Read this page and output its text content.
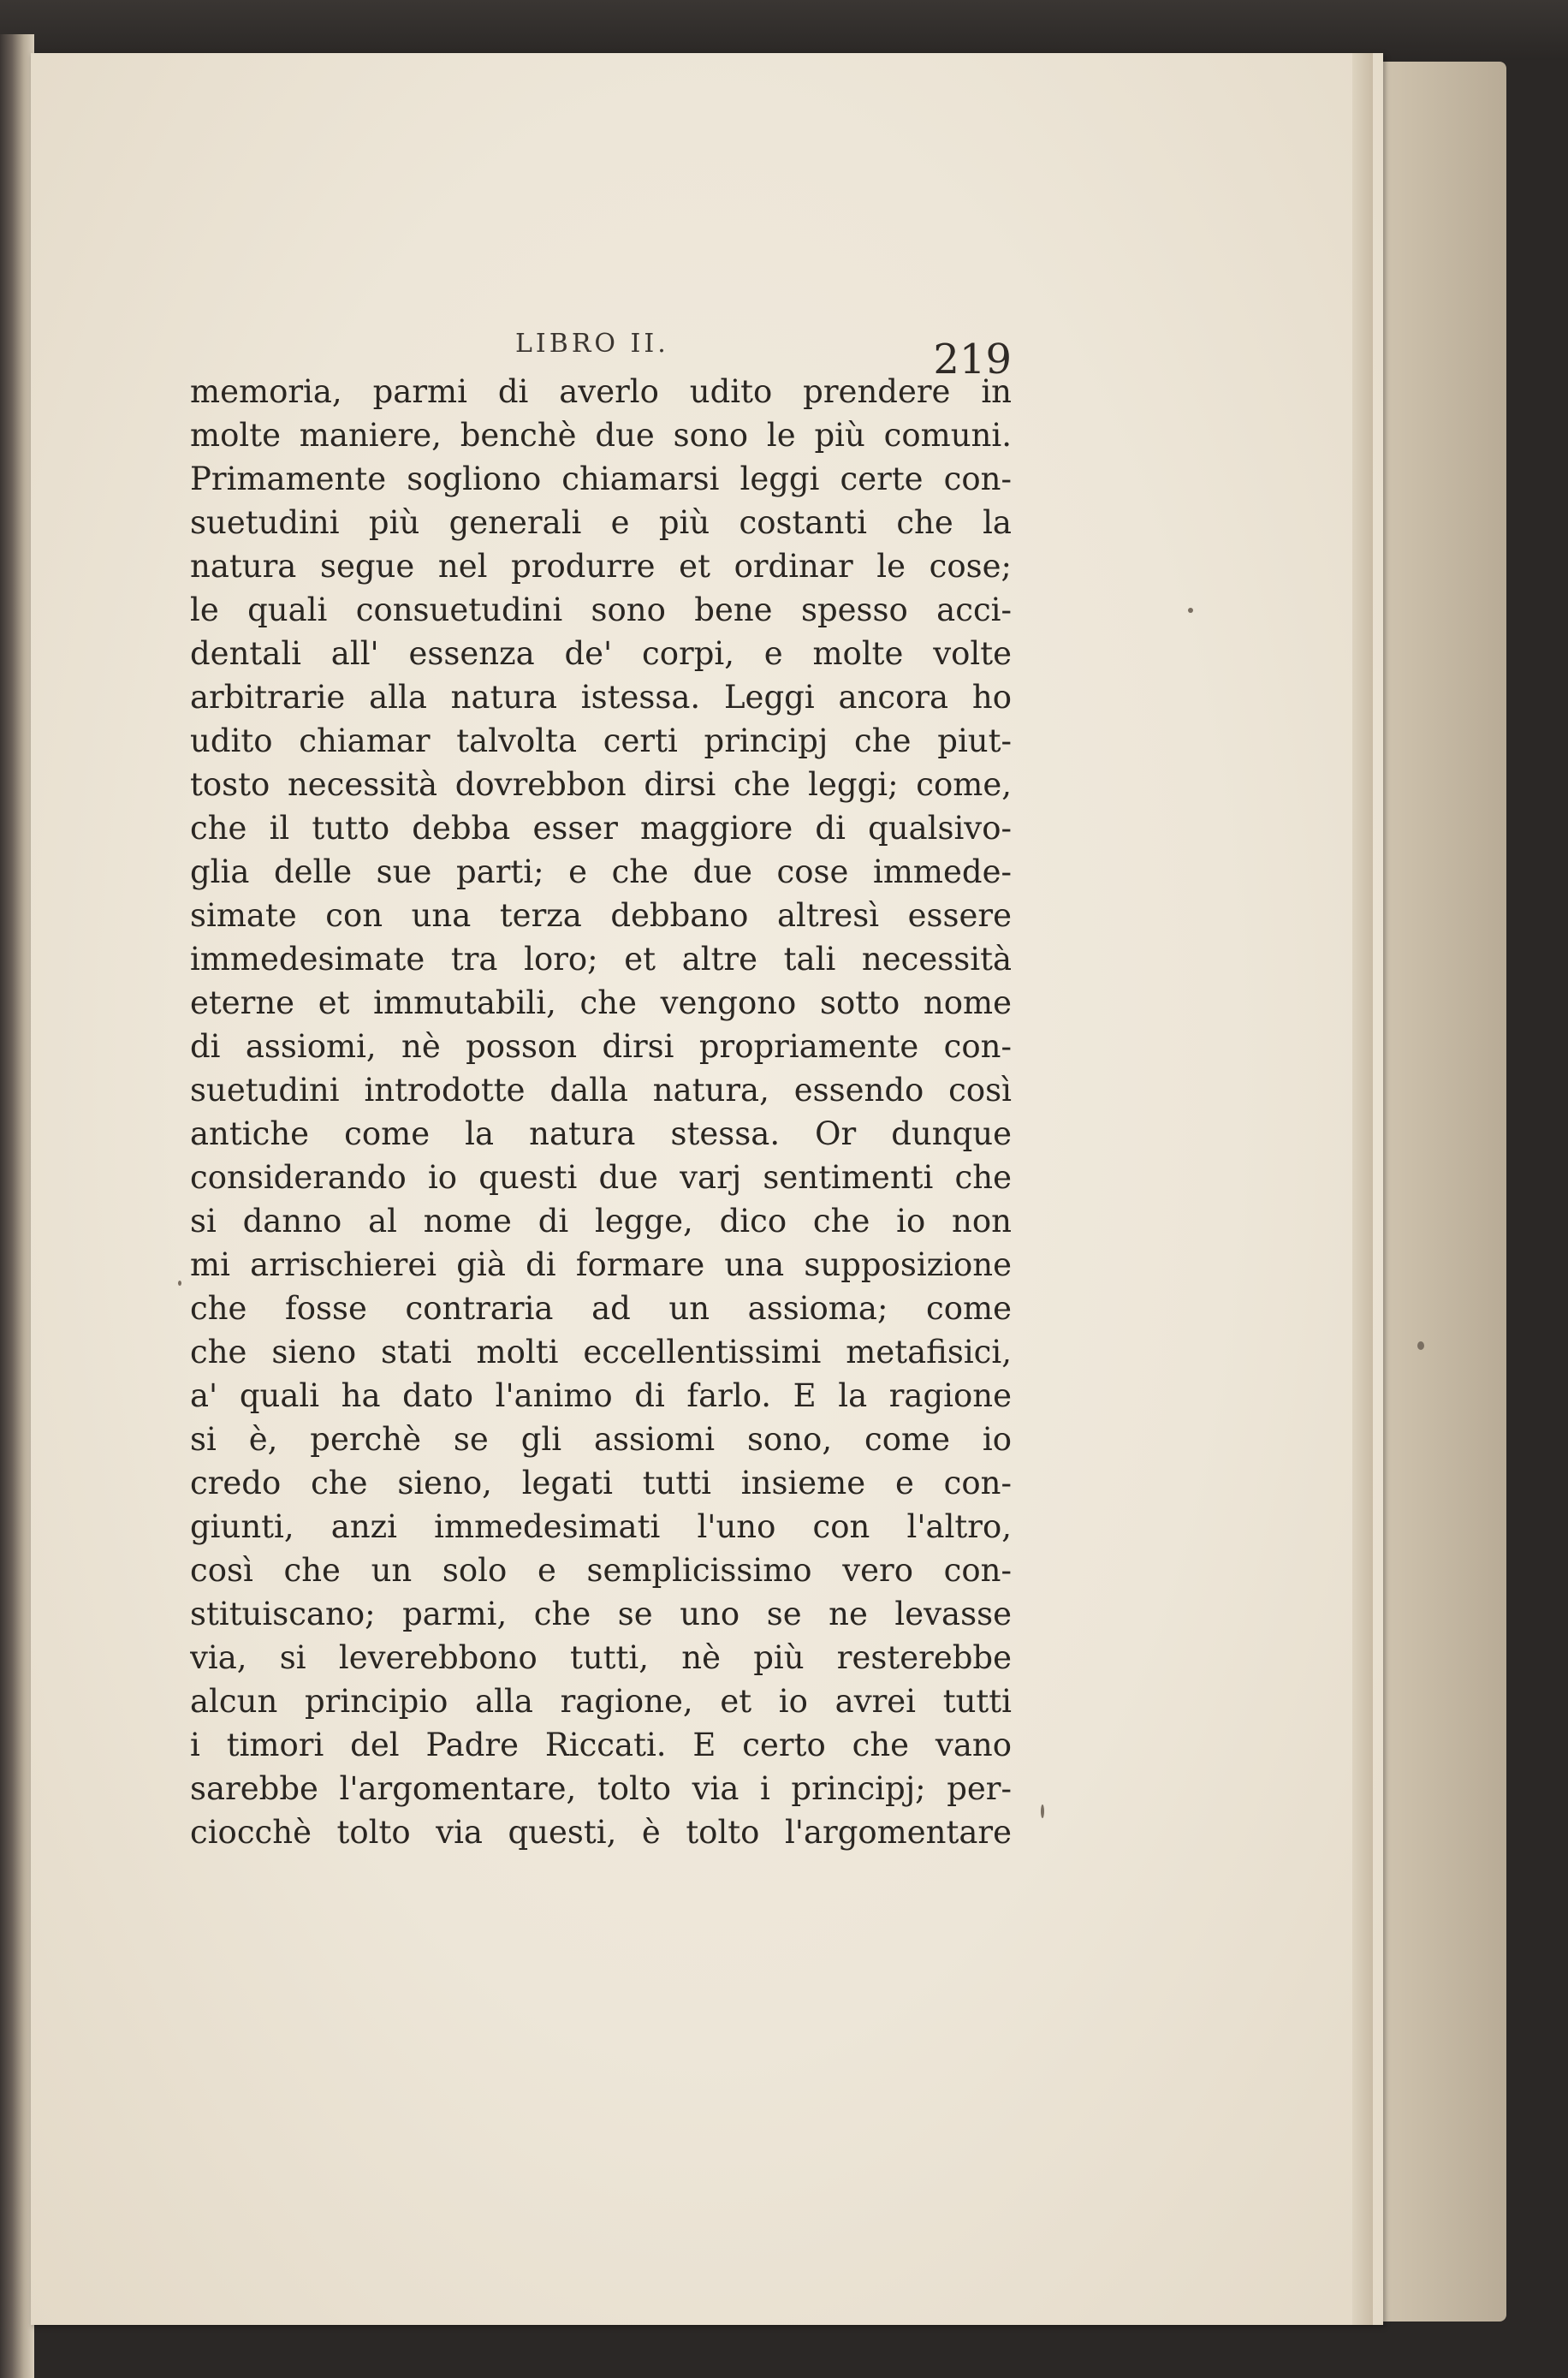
LIBRO II.	219
memoria, parmi di averlo udito prendere in
molte maniere, benchè due sono le più comuni.
Primamente sogliono chiamarsi leggi certe con-
suetudini più generali e più costanti che la
natura segue nel produrre et ordinar le cose;
le quali consuetudini sono bene spesso acci-
dentali all' essenza de' corpi, e molte volte
arbitrarie alla natura istessa. Leggi ancora ho
udito chiamar talvolta certi principj che piut-
tosto necessità dovrebbon dirsi che leggi; come,
che il tutto debba esser maggiore di qualsivo-
glia delle sue parti; e che due cose immede-
simate con una terza debbano altresì essere
immedesimate tra loro; et altre tali necessità
eterne et immutabili, che vengono sotto nome
di assiomi, nè posson dirsi propriamente con-
suetudini introdotte dalla natura, essendo così
antiche come la natura stessa. Or dunque
considerando io questi due varj sentimenti che
si danno al nome di legge, dico che io non
mi arrischierei già di formare una supposizione
che fosse contraria ad un assioma; come
che sieno stati molti eccellentissimi metafisici,
a' quali ha dato l'animo di farlo. E la ragione
si è, perchè se gli assiomi sono, come io
credo che sieno, legati tutti insieme e con-
giunti, anzi immedesimati l'uno con l'altro,
così che un solo e semplicissimo vero con-
stituiscano; parmi, che se uno se ne levasse
via, si leverebbono tutti, nè più resterebbe
alcun principio alla ragione, et io avrei tutti
i timori del Padre Riccati. E certo che vano
sarebbe l'argomentare, tolto via i principj; per-
ciocchè tolto via questi, è tolto l'argomentare
